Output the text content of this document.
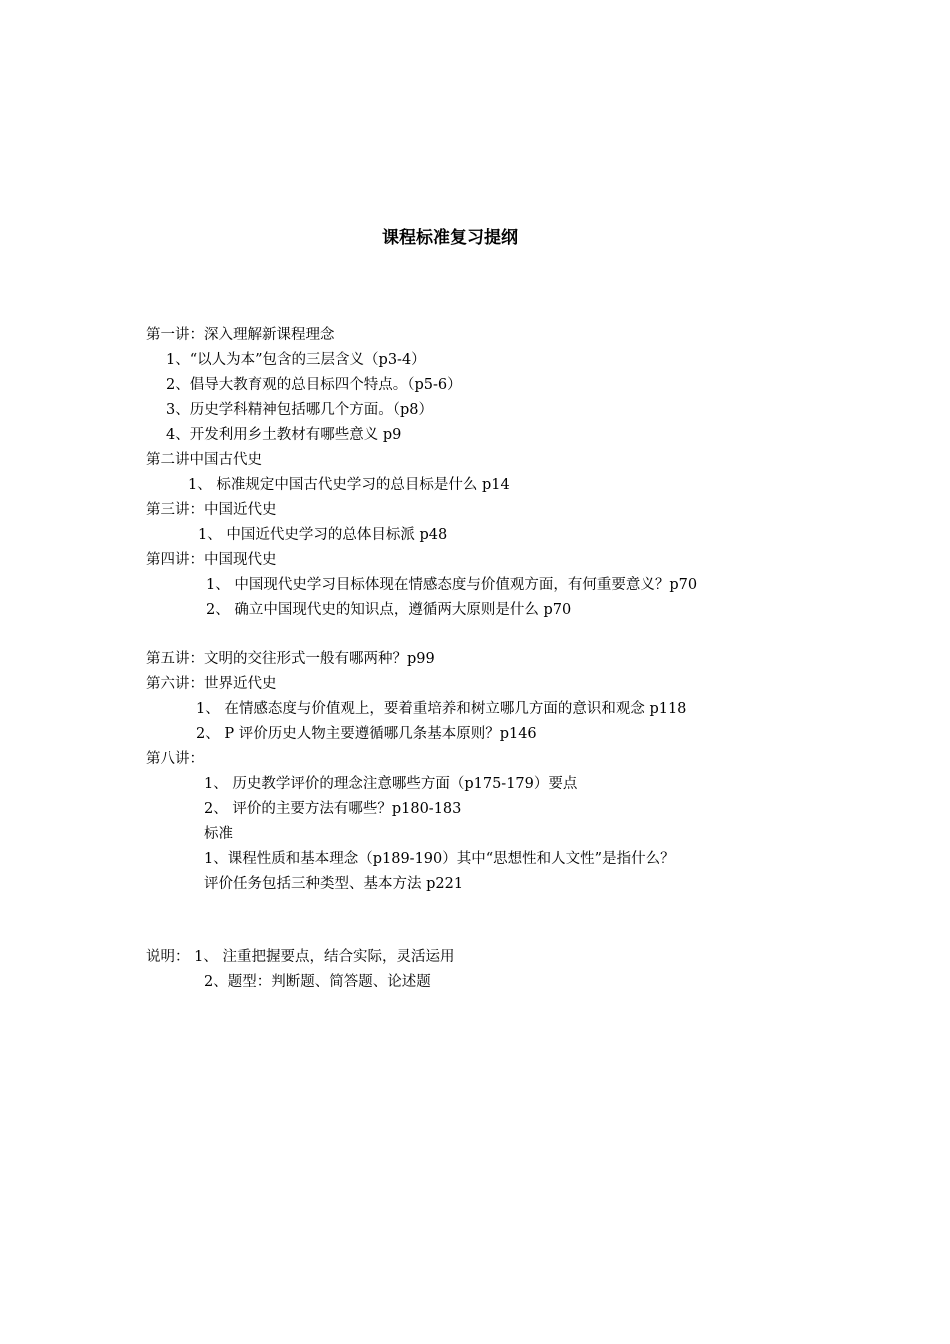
课程标准复习提纲

第一讲：深入理解新课程理念

1、“以人为本”包含的三层含义（p3-4）

2、倡导大教育观的总目标四个特点。（p5-6）

3、历史学科精神包括哪几个方面。（p8）

4、开发利用乡土教材有哪些意义 p9

第二讲中国古代史

1、 标准规定中国古代史学习的总目标是什么 p14

第三讲：中国近代史

1、 中国近代史学习的总体目标派 p48

第四讲：中国现代史

1、 中国现代史学习目标体现在情感态度与价值观方面，有何重要意义？p70

2、 确立中国现代史的知识点，遵循两大原则是什么 p70

第五讲：文明的交往形式一般有哪两种？p99

第六讲：世界近代史

1、 在情感态度与价值观上，要着重培养和树立哪几方面的意识和观念 p118

2、 P 评价历史人物主要遵循哪几条基本原则？p146

第八讲：

1、 历史教学评价的理念注意哪些方面（p175-179）要点

2、 评价的主要方法有哪些？p180-183

标准

1、课程性质和基本理念（p189-190）其中“思想性和人文性”是指什么？

评价任务包括三种类型、基本方法 p221

说明： 1、 注重把握要点，结合实际，灵活运用

2、题型：判断题、简答题、论述题
